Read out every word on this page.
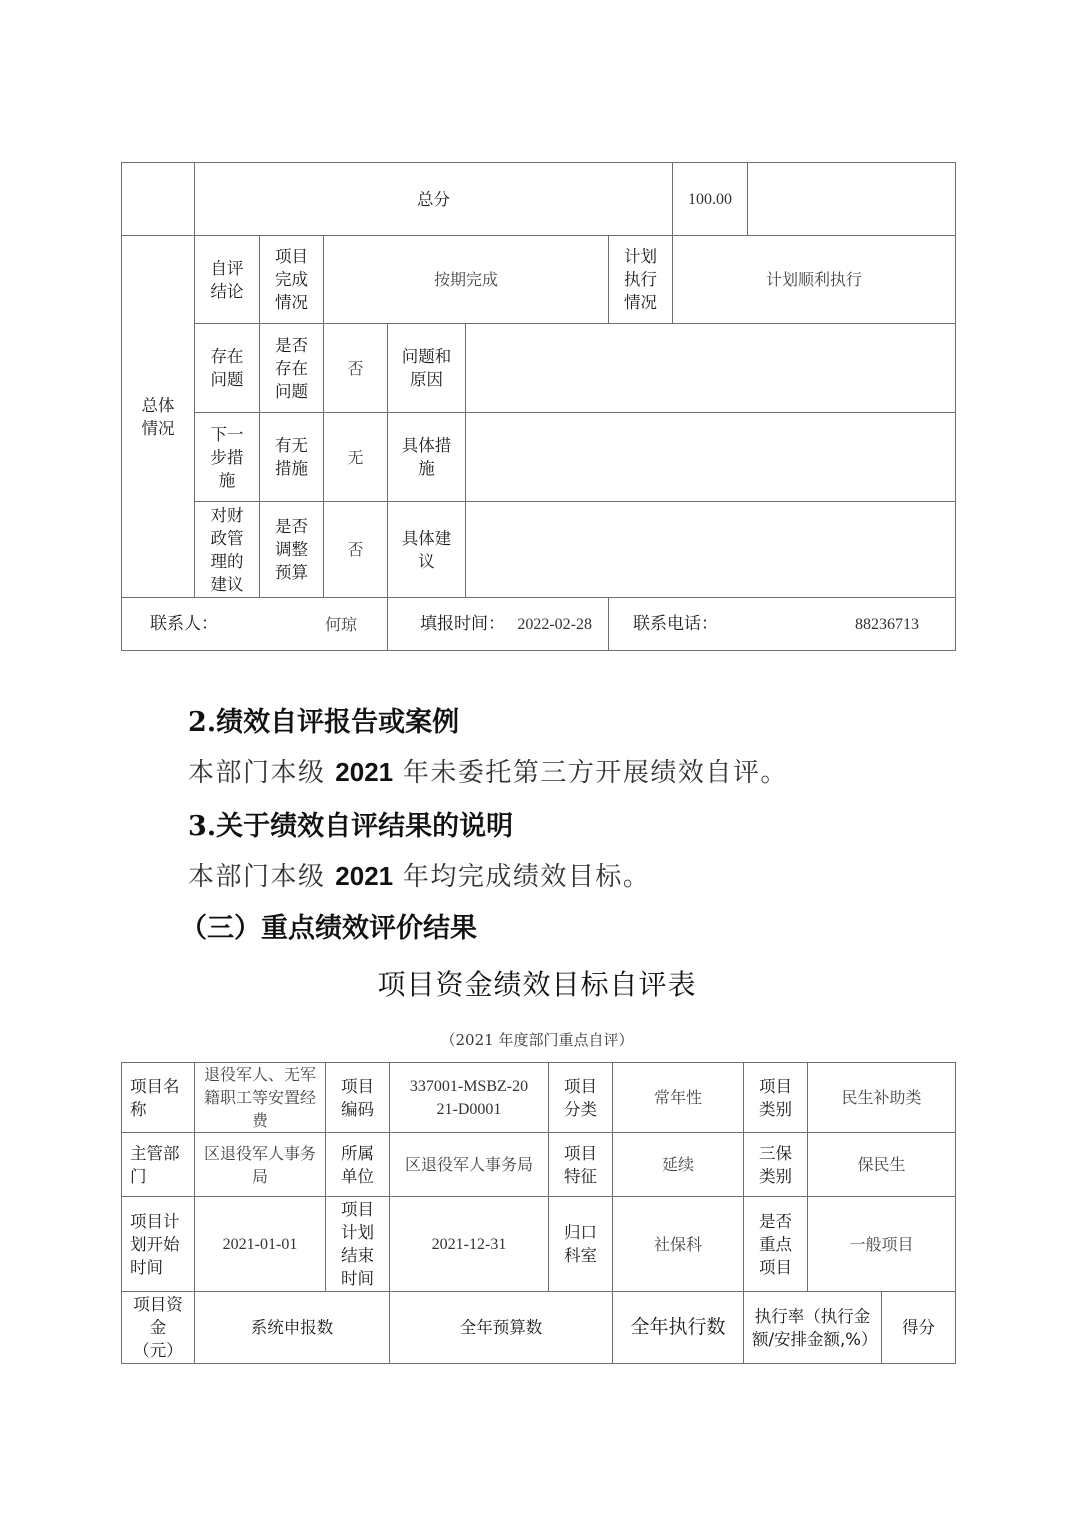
	总分						100.00	
总体情况	自评结论	项目完成情况	按期完成			计划执行情况	计划顺利执行	
	存在问题	是否存在问题	否	问题和原因				
	下一步措施	有无措施	无	具体措施				
	对财政管理的建议	是否调整预算	否	具体建议				

联系人： 何琼				填报时间： 2022-02-28		联系电话： 88236713		
2.绩效自评报告或案例
本部门本级 2021 年未委托第三方开展绩效自评。
3.关于绩效自评结果的说明
本部门本级 2021 年均完成绩效目标。
（三）重点绩效评价结果
项目资金绩效目标自评表
（2021 年度部门重点自评）
项目名称	退役军人、无军籍职工等安置经费	项目编码	337001-MSBZ-2021-D0001	项目分类	常年性	项目类别	民生补助类	
主管部门	区退役军人事务局	所属单位	区退役军人事务局	项目特征	延续	三保类别	保民生	
项目计划开始时间	2021-01-01	项目计划结束时间	2021-12-31	归口科室	社保科	是否重点项目	一般项目	
项目资金（元）	系统申报数		全年预算数		全年执行数	执行率（执行金额/安排金额,%）		得分
